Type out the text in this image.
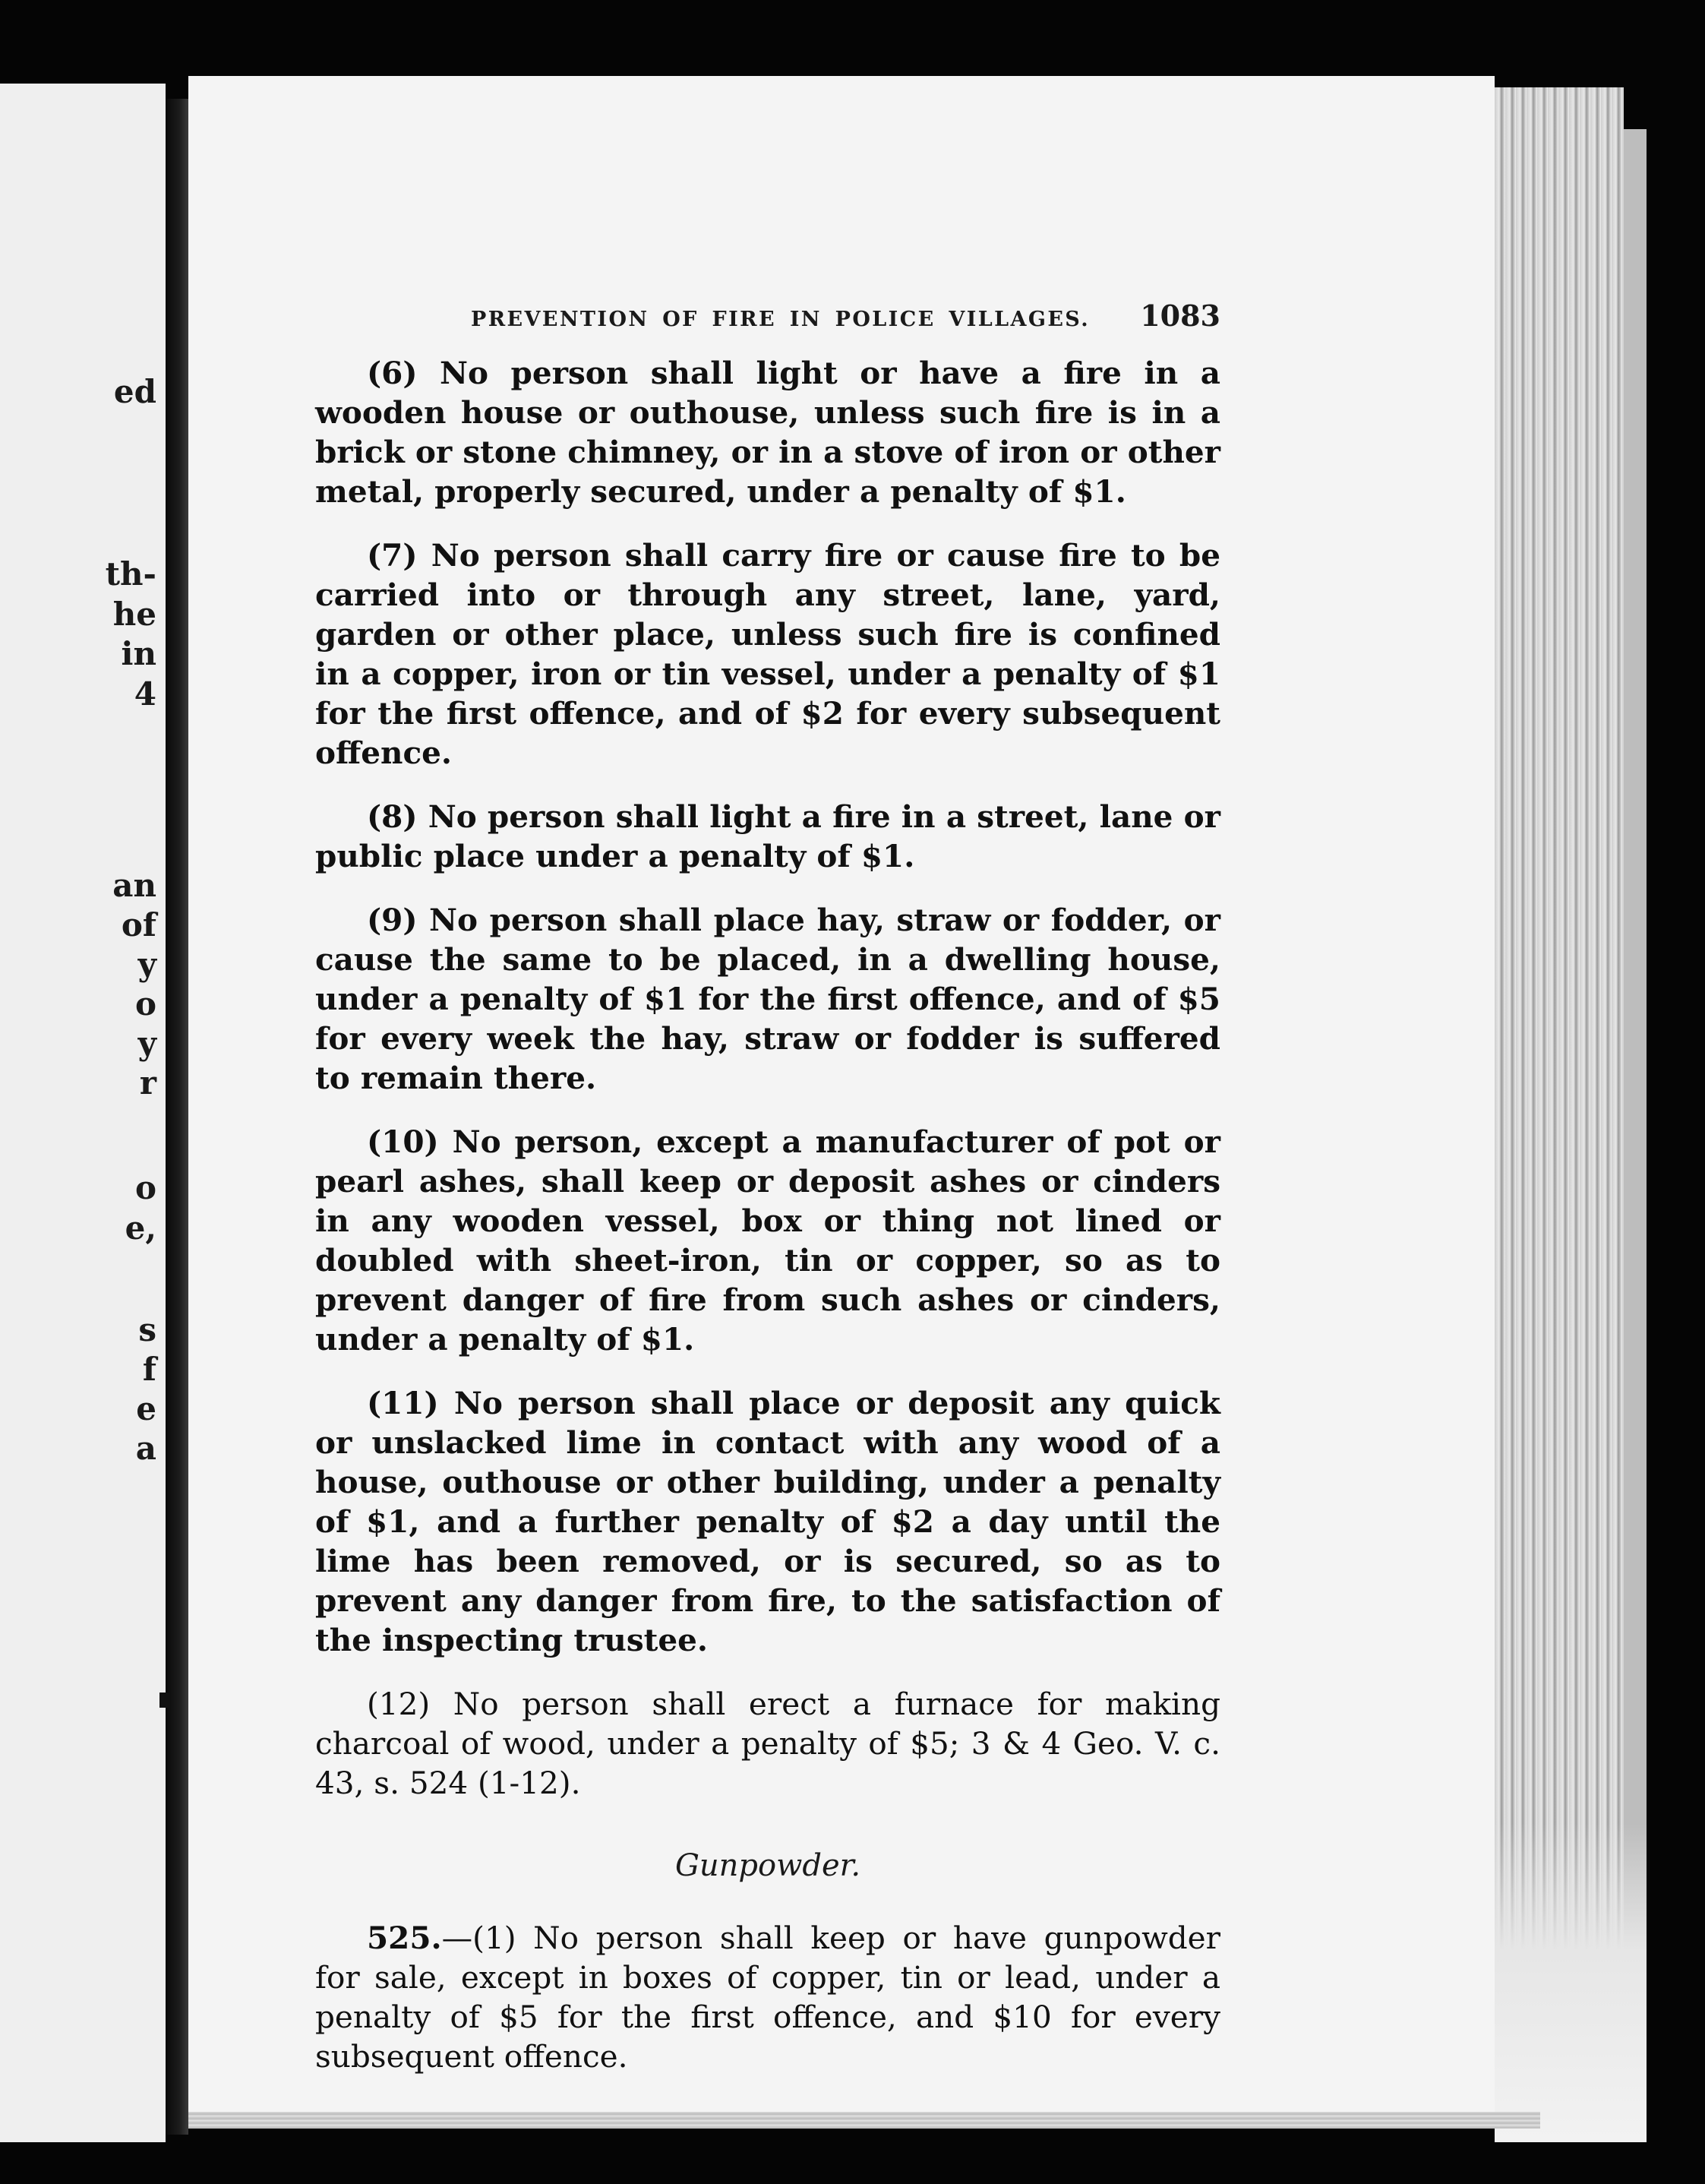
ed
th-
he
in
4
an
of
y
o
y
r
o
e,
s
f
e
a
PREVENTION OF FIRE IN POLICE VILLAGES. 1083

(6) No person shall light or have a fire in a wooden house or outhouse, unless such fire is in a brick or stone chimney, or in a stove of iron or other metal, properly secured, under a penalty of $1.

(7) No person shall carry fire or cause fire to be carried into or through any street, lane, yard, garden or other place, unless such fire is confined in a copper, iron or tin vessel, under a penalty of $1 for the first offence, and of $2 for every subsequent offence.

(8) No person shall light a fire in a street, lane or public place under a penalty of $1.

(9) No person shall place hay, straw or fodder, or cause the same to be placed, in a dwelling house, under a penalty of $1 for the first offence, and of $5 for every week the hay, straw or fodder is suffered to remain there.

(10) No person, except a manufacturer of pot or pearl ashes, shall keep or deposit ashes or cinders in any wooden vessel, box or thing not lined or doubled with sheet-iron, tin or copper, so as to prevent danger of fire from such ashes or cinders, under a penalty of $1.

(11) No person shall place or deposit any quick or unslacked lime in contact with any wood of a house, outhouse or other building, under a penalty of $1, and a further penalty of $2 a day until the lime has been removed, or is secured, so as to prevent any danger from fire, to the satisfaction of the inspecting trustee.

(12) No person shall erect a furnace for making charcoal of wood, under a penalty of $5; 3 & 4 Geo. V. c. 43, s. 524 (1-12).

Gunpowder.

525.—(1) No person shall keep or have gunpowder for sale, except in boxes of copper, tin or lead, under a penalty of $5 for the first offence, and $10 for every subsequent offence.
